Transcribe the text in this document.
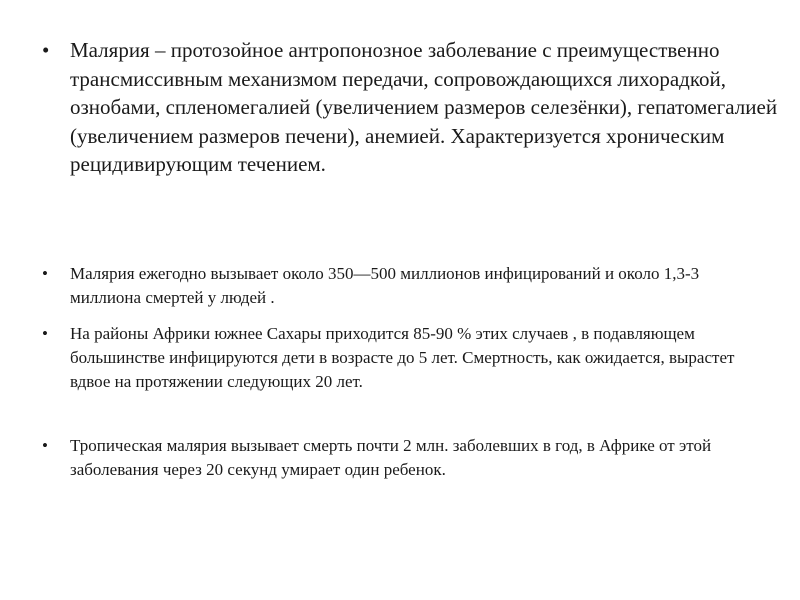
• Малярия – протозойное антропонозное заболевание с преимущественно трансмиссивным механизмом передачи, сопровождающихся лихорадкой, ознобами, спленомегалией (увеличением размеров селезёнки), гепатомегалией (увеличением размеров печени), анемией. Характеризуется хроническим рецидивирующим течением.
•	Малярия ежегодно вызывает около 350—500 миллионов инфицирований и около 1,3-3 миллиона смертей у людей .
•	На районы Африки южнее Сахары приходится 85-90 % этих случаев , в подавляющем большинстве инфицируются дети в возрасте до 5 лет. Смертность, как ожидается, вырастет вдвое на протяжении следующих 20 лет.
•	Тропическая малярия вызывает смерть почти 2 млн. заболевших в год, в Африке от этой заболевания через 20 секунд умирает один ребенок.
